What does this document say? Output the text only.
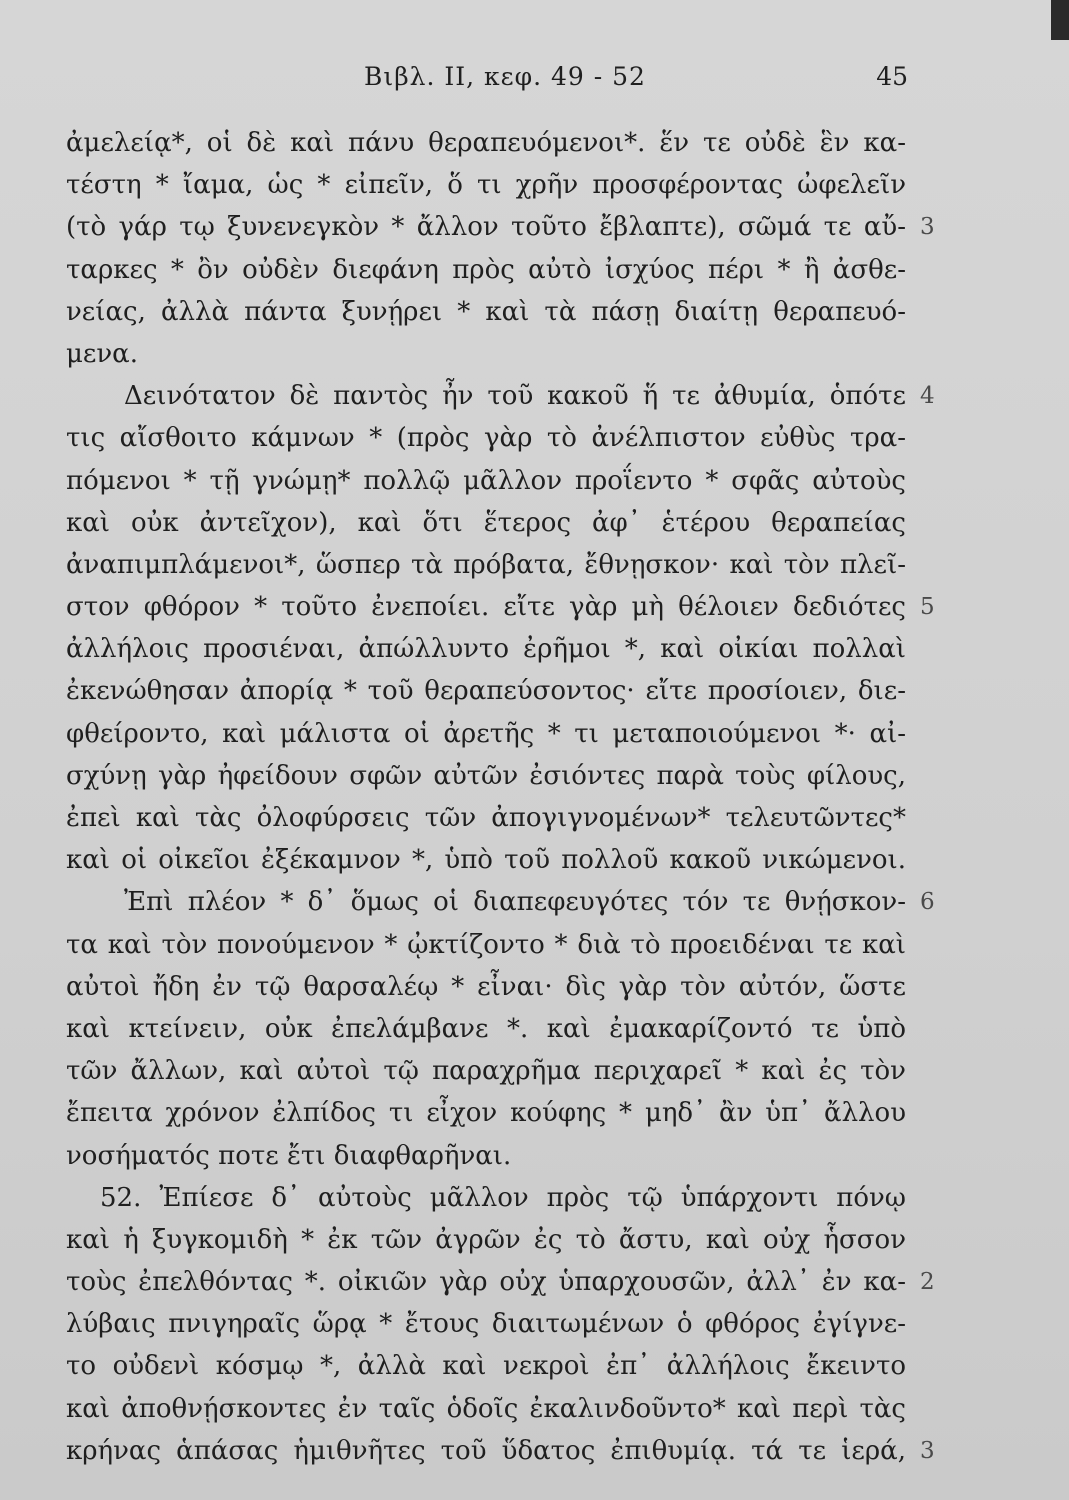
Βιβλ. ΙΙ, κεφ. 49 - 52	45
ἀμελείᾳ*, οἱ δὲ καὶ πάνυ θεραπευόμενοι*. ἕν τε οὐδὲ ἓν κα-
τέστη * ἴαμα, ὡς * εἰπεῖν, ὅ τι χρῆν προσφέροντας ὠφελεῖν
(τὸ γάρ τῳ ξυνενεγκὸν * ἄλλον τοῦτο ἔβλαπτε), σῶμά τε αὔ- 3
ταρκες * ὂν οὐδὲν διεφάνη πρὸς αὐτὸ ἰσχύος πέρι * ἢ ἀσθε-
νείας, ἀλλὰ πάντα ξυνῄρει * καὶ τὰ πάσῃ διαίτῃ θεραπευό-
μενα.
Δεινότατον δὲ παντὸς ἦν τοῦ κακοῦ ἥ τε ἀθυμία, ὁπότε 4
τις αἴσθοιτο κάμνων * (πρὸς γὰρ τὸ ἀνέλπιστον εὐθὺς τρα-
πόμενοι * τῇ γνώμῃ* πολλῷ μᾶλλον προΐεντο * σφᾶς αὐτοὺς
καὶ οὐκ ἀντεῖχον), καὶ ὅτι ἕτερος ἀφ᾿ ἑτέρου θεραπείας
ἀναπιμπλάμενοι*, ὥσπερ τὰ πρόβατα, ἔθνῃσκον· καὶ τὸν πλεῖ-
στον φθόρον * τοῦτο ἐνεποίει. εἴτε γὰρ μὴ θέλοιεν δεδιότες 5
ἀλλήλοις προσιέναι, ἀπώλλυντο ἐρῆμοι *, καὶ οἰκίαι πολλαὶ
ἐκενώθησαν ἀπορίᾳ * τοῦ θεραπεύσοντος· εἴτε προσίοιεν, διε-
φθείροντο, καὶ μάλιστα οἱ ἀρετῆς * τι μεταποιούμενοι *· αἰ-
σχύνῃ γὰρ ἠφείδουν σφῶν αὐτῶν ἐσιόντες παρὰ τοὺς φίλους,
ἐπεὶ καὶ τὰς ὀλοφύρσεις τῶν ἀπογιγνομένων* τελευτῶντες*
καὶ οἱ οἰκεῖοι ἐξέκαμνον *, ὑπὸ τοῦ πολλοῦ κακοῦ νικώμενοι.
Ἐπὶ πλέον * δ᾿ ὅμως οἱ διαπεφευγότες τόν τε θνῄσκον- 6
τα καὶ τὸν πονούμενον * ᾠκτίζοντο * διὰ τὸ προειδέναι τε καὶ
αὐτοὶ ἤδη ἐν τῷ θαρσαλέῳ * εἶναι· δὶς γὰρ τὸν αὐτόν, ὥστε
καὶ κτείνειν, οὐκ ἐπελάμβανε *. καὶ ἐμακαρίζοντό τε ὑπὸ
τῶν ἄλλων, καὶ αὐτοὶ τῷ παραχρῆμα περιχαρεῖ * καὶ ἐς τὸν
ἔπειτα χρόνον ἐλπίδος τι εἶχον κούφης * μηδ᾿ ἂν ὑπ᾿ ἄλλου
νοσήματός ποτε ἔτι διαφθαρῆναι.
52. Ἐπίεσε δ᾿ αὐτοὺς μᾶλλον πρὸς τῷ ὑπάρχοντι πόνῳ
καὶ ἡ ξυγκομιδὴ * ἐκ τῶν ἀγρῶν ἐς τὸ ἄστυ, καὶ οὐχ ἧσσον
τοὺς ἐπελθόντας *. οἰκιῶν γὰρ οὐχ ὑπαρχουσῶν, ἀλλ᾿ ἐν κα- 2
λύβαις πνιγηραῖς ὥρᾳ * ἔτους διαιτωμένων ὁ φθόρος ἐγίγνε-
το οὐδενὶ κόσμῳ *, ἀλλὰ καὶ νεκροὶ ἐπ᾿ ἀλλήλοις ἔκειντο
καὶ ἀποθνῄσκοντες ἐν ταῖς ὁδοῖς ἐκαλινδοῦντο* καὶ περὶ τὰς
κρήνας ἁπάσας ἡμιθνῆτες τοῦ ὕδατος ἐπιθυμίᾳ. τά τε ἱερά, 3
